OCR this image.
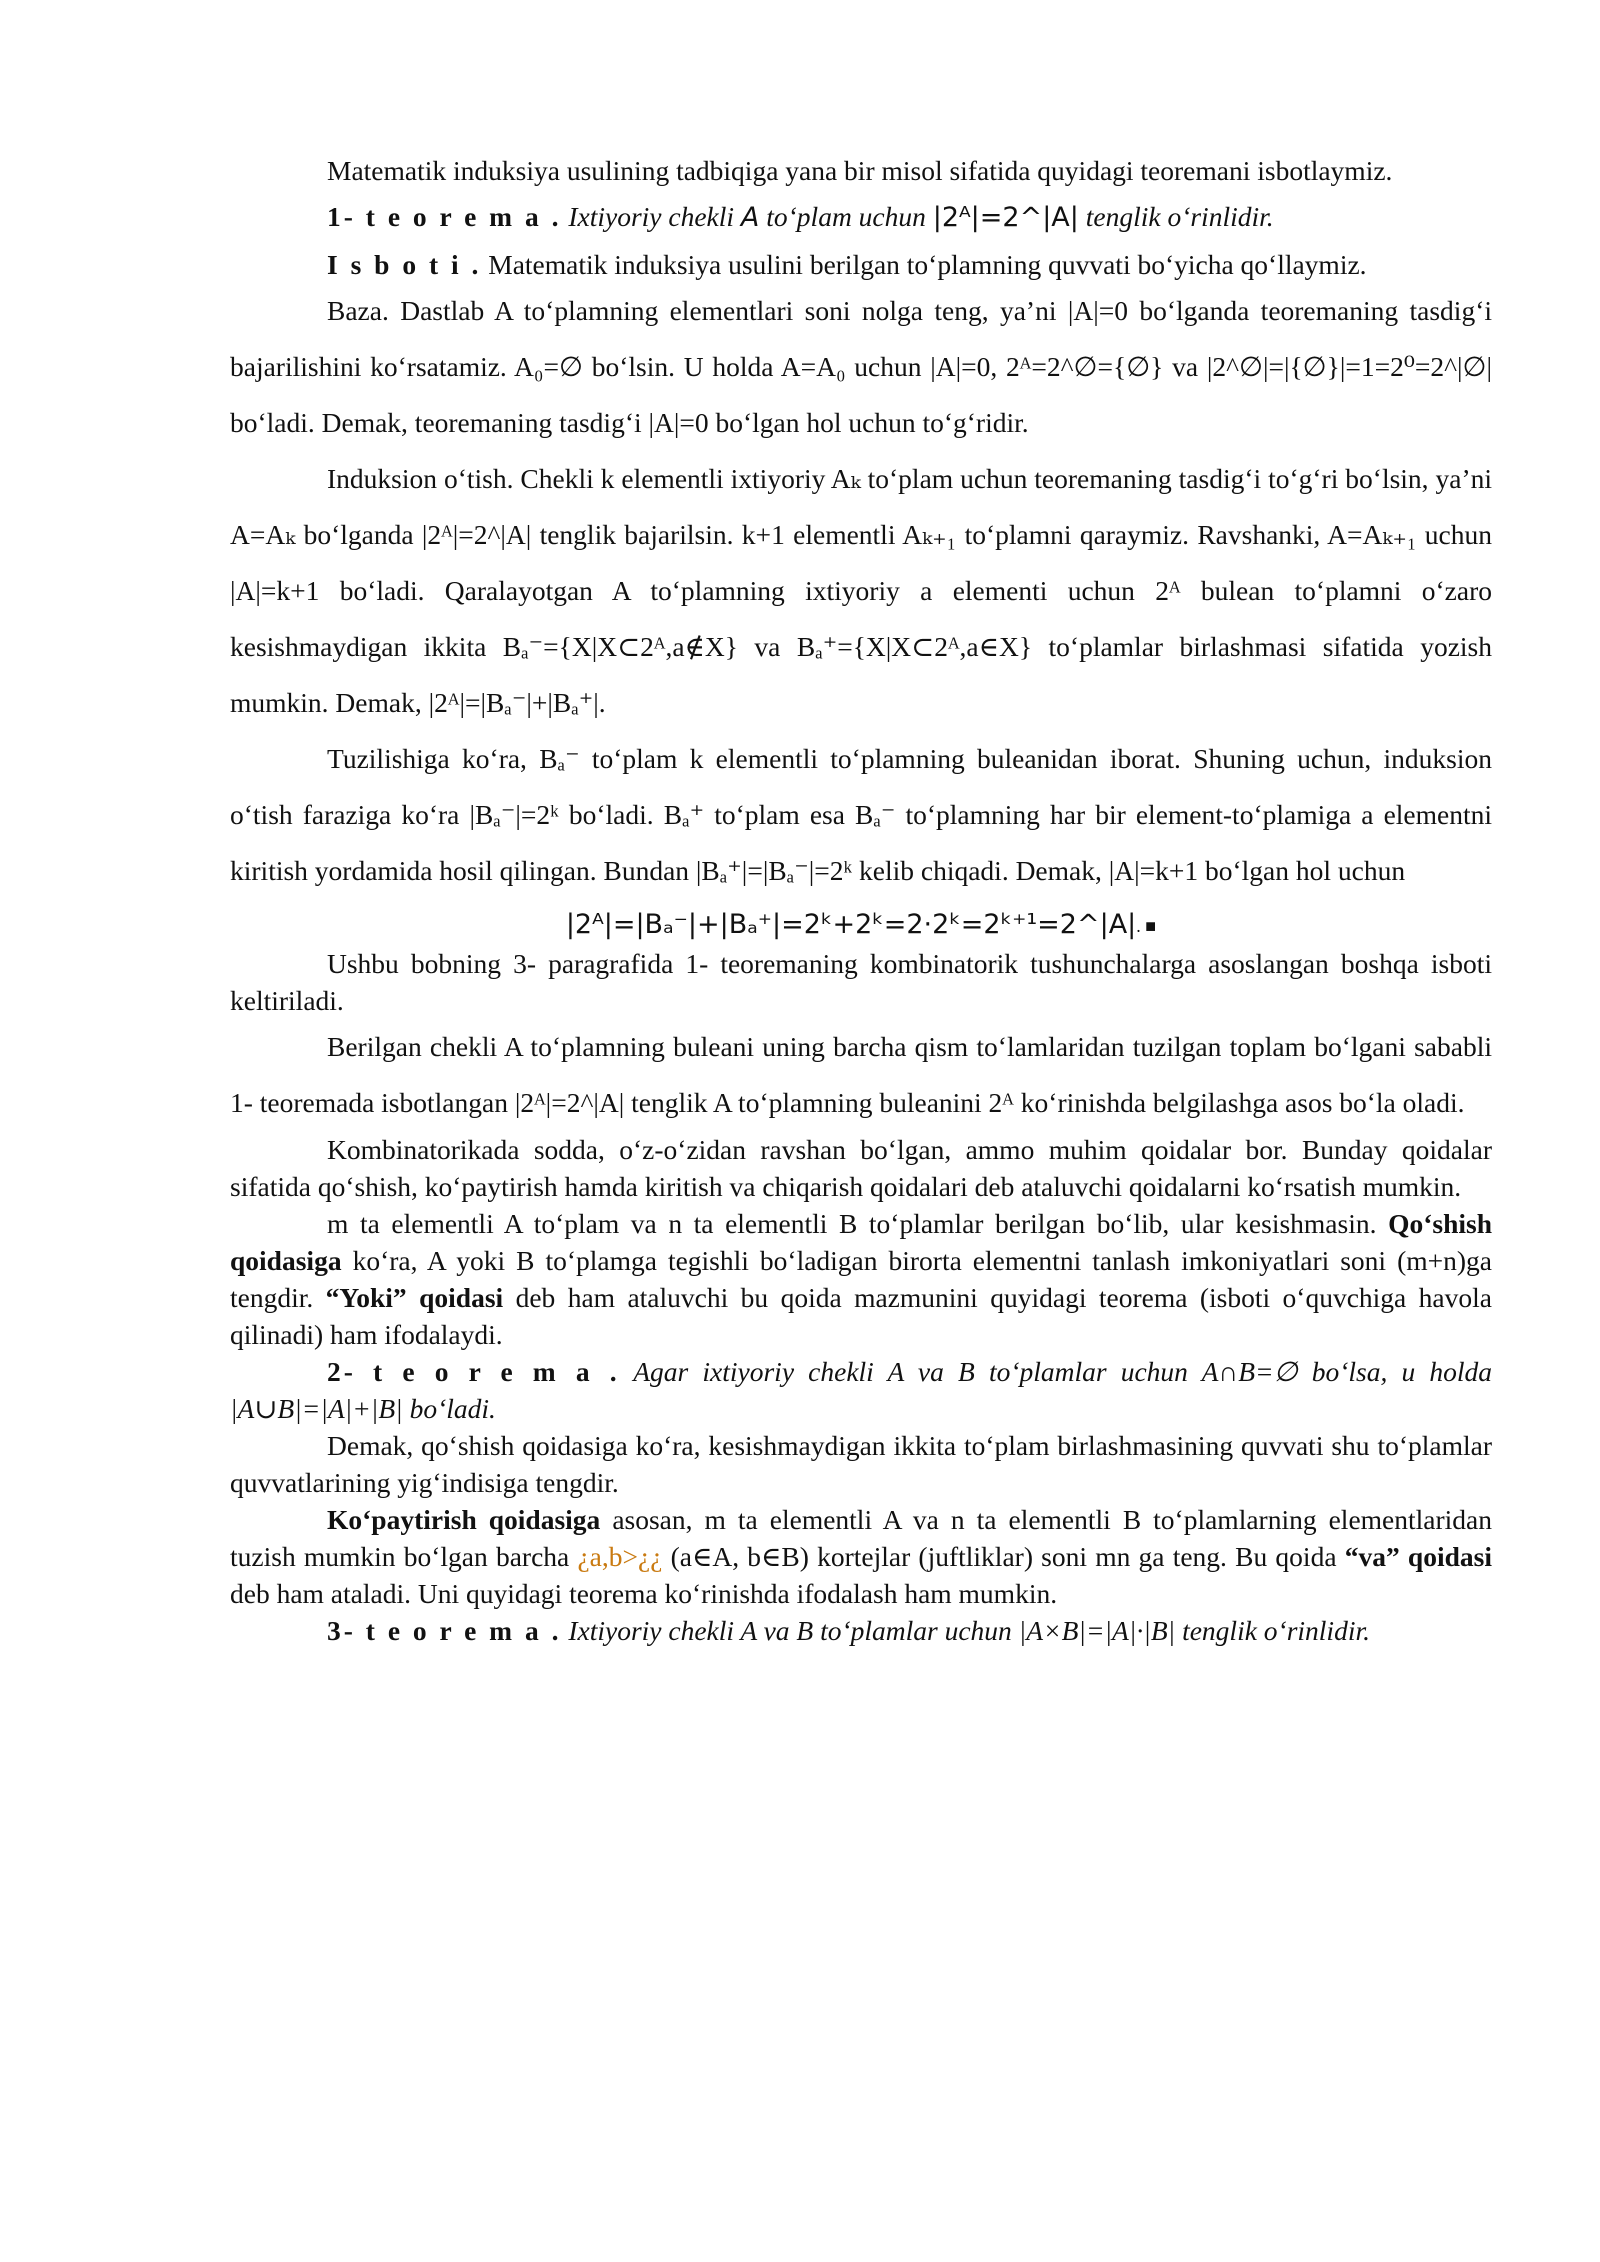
Matematik induksiya usulining tadbiqiga yana bir misol sifatida quyidagi teoremani isbotlaymiz.

1- t e o r e m a . Ixtiyoriy chekli A to‘plam uchun |2ᴬ|=2^|A| tenglik o‘rinlidir.

I s b o t i . Matematik induksiya usulini berilgan to‘plamning quvvati bo‘yicha qo‘llaymiz.

Baza. Dastlab A to‘plamning elementlari soni nolga teng, ya’ni |A|=0 bo‘lganda teoremaning tasdig‘i bajarilishini ko‘rsatamiz. A₀=∅ bo‘lsin. U holda A=A₀ uchun |A|=0, 2ᴬ=2^∅={∅} va |2^∅|=|{∅}|=1=2⁰=2^|∅| bo‘ladi. Demak, teoremaning tasdig‘i |A|=0 bo‘lgan hol uchun to‘g‘ridir.

Induksion o‘tish. Chekli k elementli ixtiyoriy Aₖ to‘plam uchun teoremaning tasdig‘i to‘g‘ri bo‘lsin, ya’ni A=Aₖ bo‘lganda |2ᴬ|=2^|A| tenglik bajarilsin. k+1 elementli Aₖ₊₁ to‘plamni qaraymiz. Ravshanki, A=Aₖ₊₁ uchun |A|=k+1 bo‘ladi. Qaralayotgan A to‘plamning ixtiyoriy a elementi uchun 2ᴬ bulean to‘plamni o‘zaro kesishmaydigan ikkita Bₐ⁻={X|X⊂2ᴬ,a∉X} va Bₐ⁺={X|X⊂2ᴬ,a∈X} to‘plamlar birlashmasi sifatida yozish mumkin. Demak, |2ᴬ|=|Bₐ⁻|+|Bₐ⁺|.

Tuzilishiga ko‘ra, Bₐ⁻ to‘plam k elementli to‘plamning buleanidan iborat. Shuning uchun, induksion o‘tish faraziga ko‘ra |Bₐ⁻|=2ᵏ bo‘ladi. Bₐ⁺ to‘plam esa Bₐ⁻ to‘plamning har bir element-to‘plamiga a elementni kiritish yordamida hosil qilingan. Bundan |Bₐ⁺|=|Bₐ⁻|=2ᵏ kelib chiqadi. Demak, |A|=k+1 bo‘lgan hol uchun

|2ᴬ|=|Bₐ⁻|+|Bₐ⁺|=2ᵏ+2ᵏ=2·2ᵏ=2ᵏ⁺¹=2^|A|. ■

Ushbu bobning 3- paragrafida 1- teoremaning kombinatorik tushunchalarga asoslangan boshqa isboti keltiriladi.

Berilgan chekli A to‘plamning buleani uning barcha qism to‘lamlaridan tuzilgan toplam bo‘lgani sababli 1- teoremada isbotlangan |2ᴬ|=2^|A| tenglik A to‘plamning buleanini 2ᴬ ko‘rinishda belgilashga asos bo‘la oladi.

Kombinatorikada sodda, o‘z-o‘zidan ravshan bo‘lgan, ammo muhim qoidalar bor. Bunday qoidalar sifatida qo‘shish, ko‘paytirish hamda kiritish va chiqarish qoidalari deb ataluvchi qoidalarni ko‘rsatish mumkin.

m ta elementli A to‘plam va n ta elementli B to‘plamlar berilgan bo‘lib, ular kesishmasin. Qo‘shish qoidasiga ko‘ra, A yoki B to‘plamga tegishli bo‘ladigan birorta elementni tanlash imkoniyatlari soni (m+n)ga tengdir. “Yoki” qoidasi deb ham ataluvchi bu qoida mazmunini quyidagi teorema (isboti o‘quvchiga havola qilinadi) ham ifodalaydi.

2- t e o r e m a . Agar ixtiyoriy chekli A va B to‘plamlar uchun A∩B=∅ bo‘lsa, u holda |A∪B|=|A|+|B| bo‘ladi.

Demak, qo‘shish qoidasiga ko‘ra, kesishmaydigan ikkita to‘plam birlashmasining quvvati shu to‘plamlar quvvatlarining yig‘indisiga tengdir.

Ko‘paytirish qoidasiga asosan, m ta elementli A va n ta elementli B to‘plamlarning elementlaridan tuzish mumkin bo‘lgan barcha ¿a,b>¿¿ (a∈A, b∈B) kortejlar (juftliklar) soni mn ga teng. Bu qoida “va” qoidasi deb ham ataladi. Uni quyidagi teorema ko‘rinishda ifodalash ham mumkin.

3- t e o r e m a . Ixtiyoriy chekli A va B to‘plamlar uchun |A×B|=|A|·|B| tenglik o‘rinlidir.
